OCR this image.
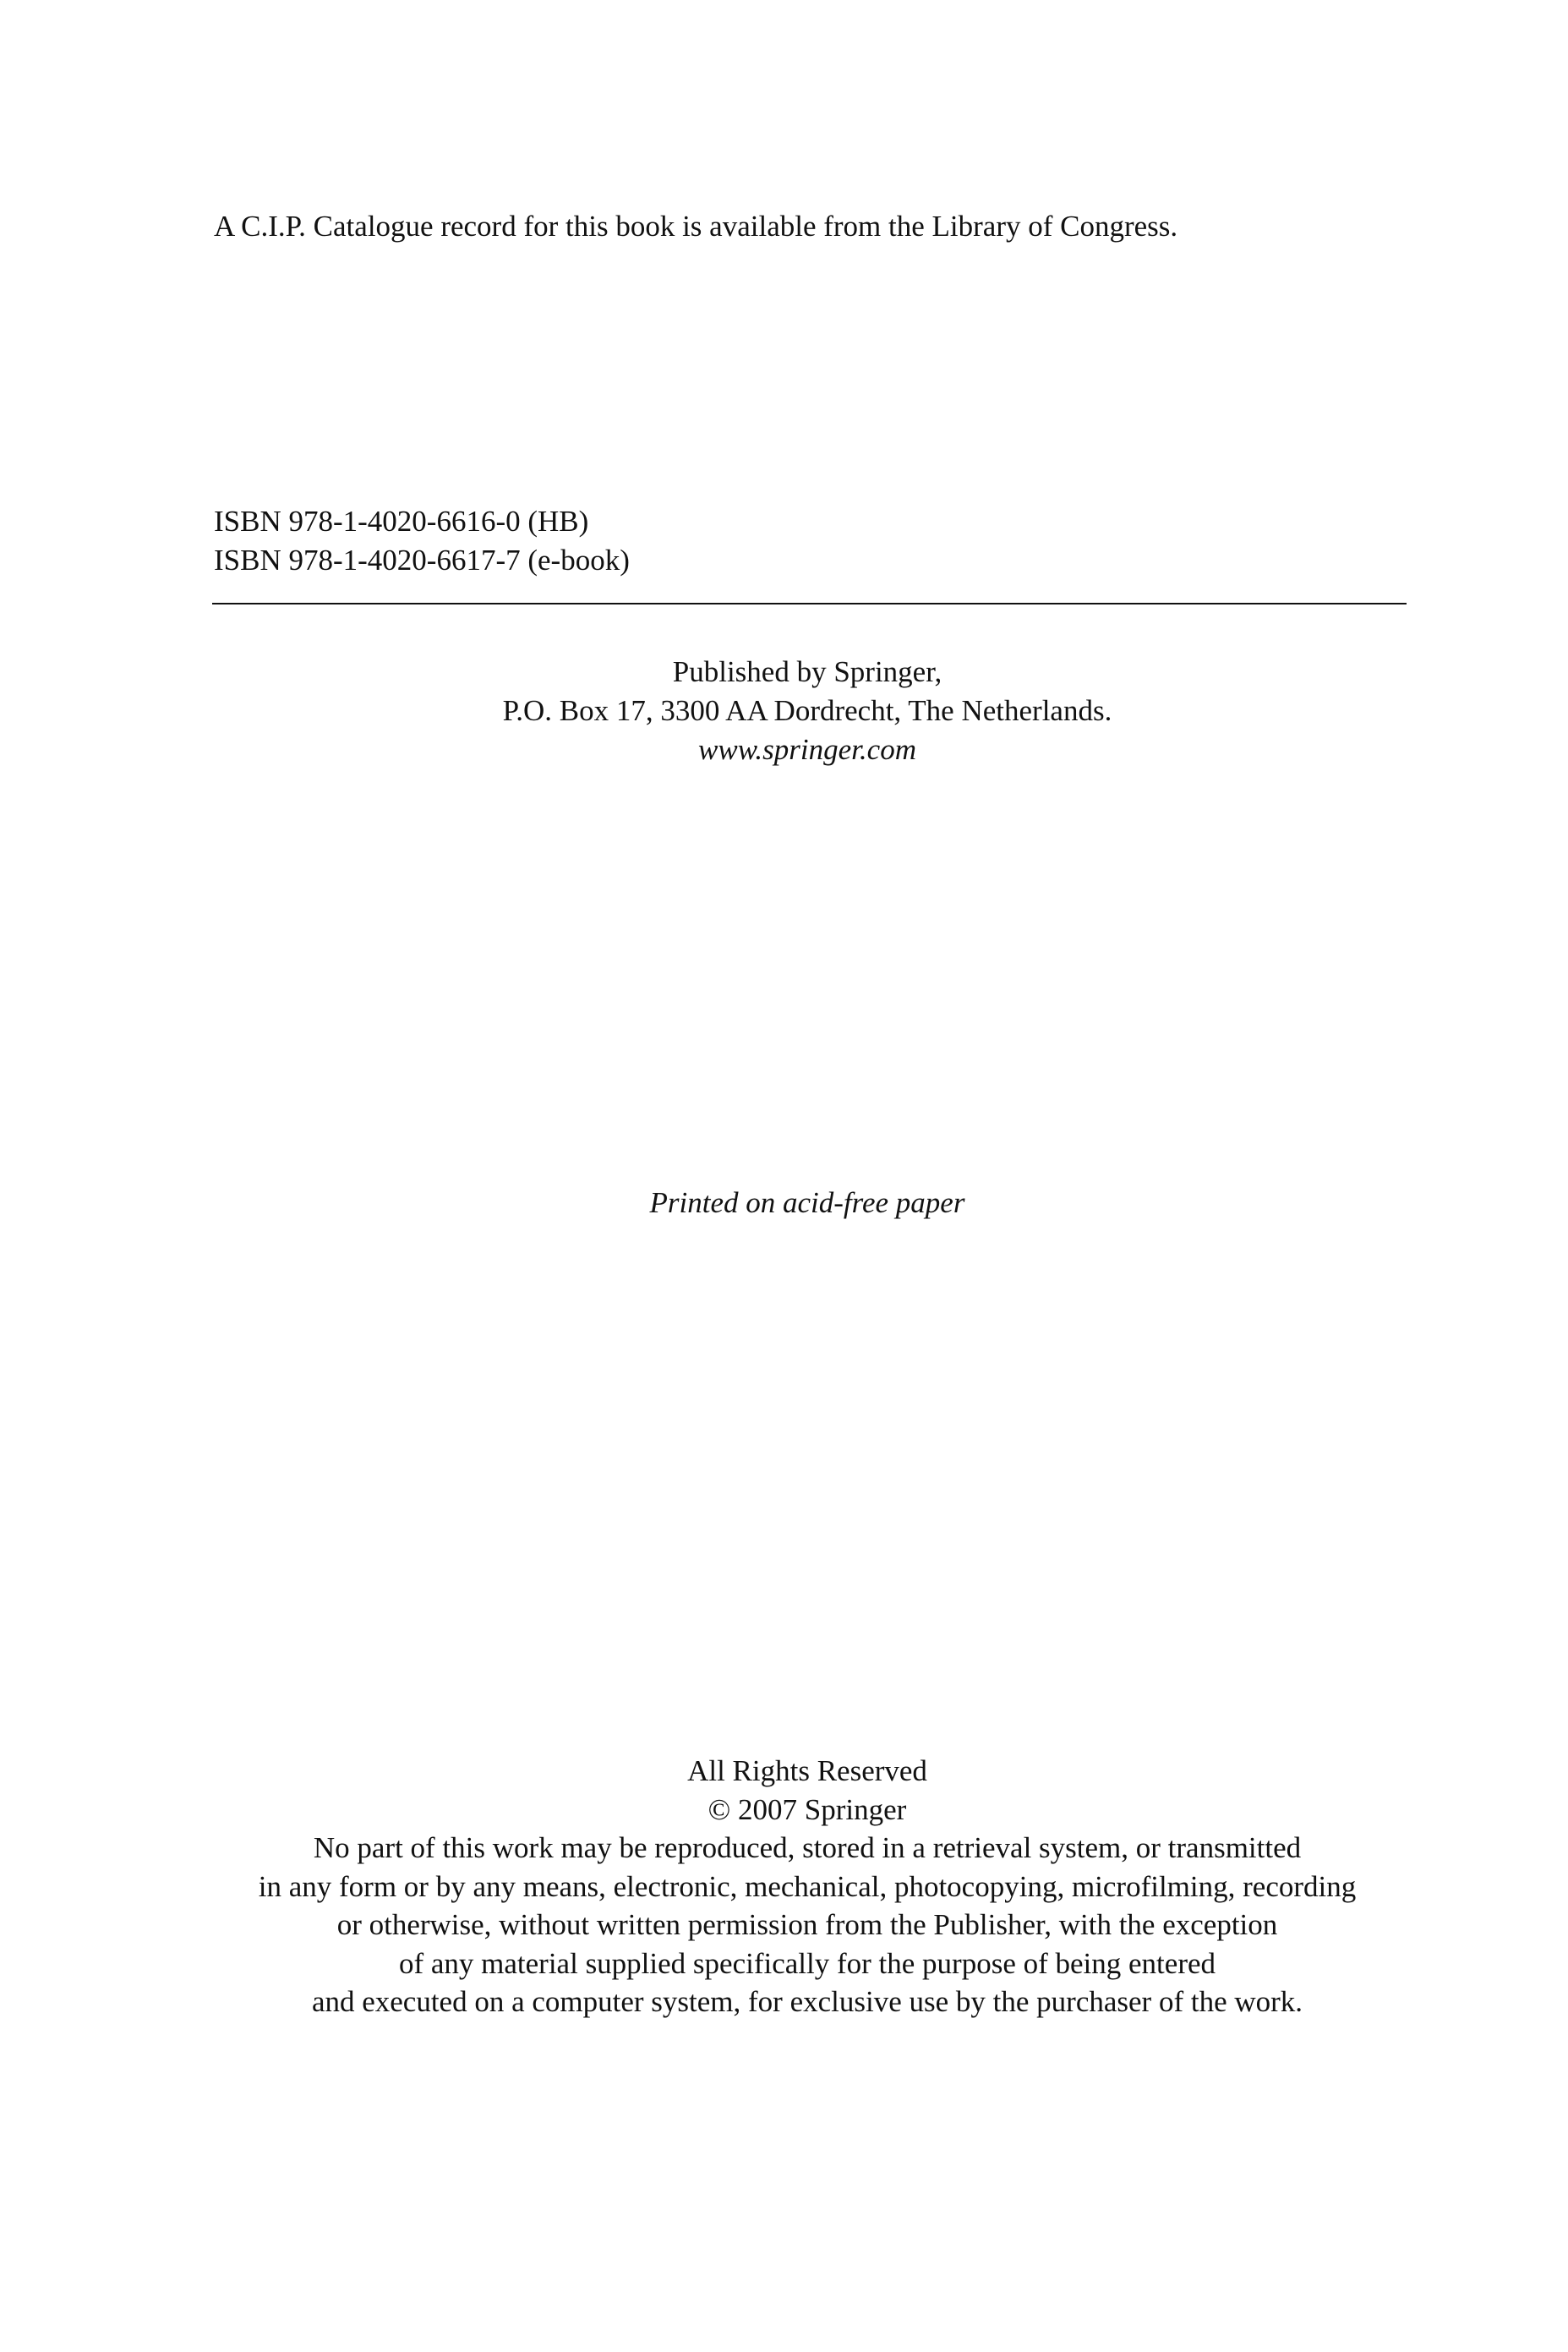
A C.I.P. Catalogue record for this book is available from the Library of Congress.
ISBN 978-1-4020-6616-0 (HB)
ISBN 978-1-4020-6617-7 (e-book)
Published by Springer,
P.O. Box 17, 3300 AA Dordrecht, The Netherlands.
www.springer.com
Printed on acid-free paper
All Rights Reserved
© 2007 Springer
No part of this work may be reproduced, stored in a retrieval system, or transmitted
in any form or by any means, electronic, mechanical, photocopying, microfilming, recording
or otherwise, without written permission from the Publisher, with the exception
of any material supplied specifically for the purpose of being entered
and executed on a computer system, for exclusive use by the purchaser of the work.
